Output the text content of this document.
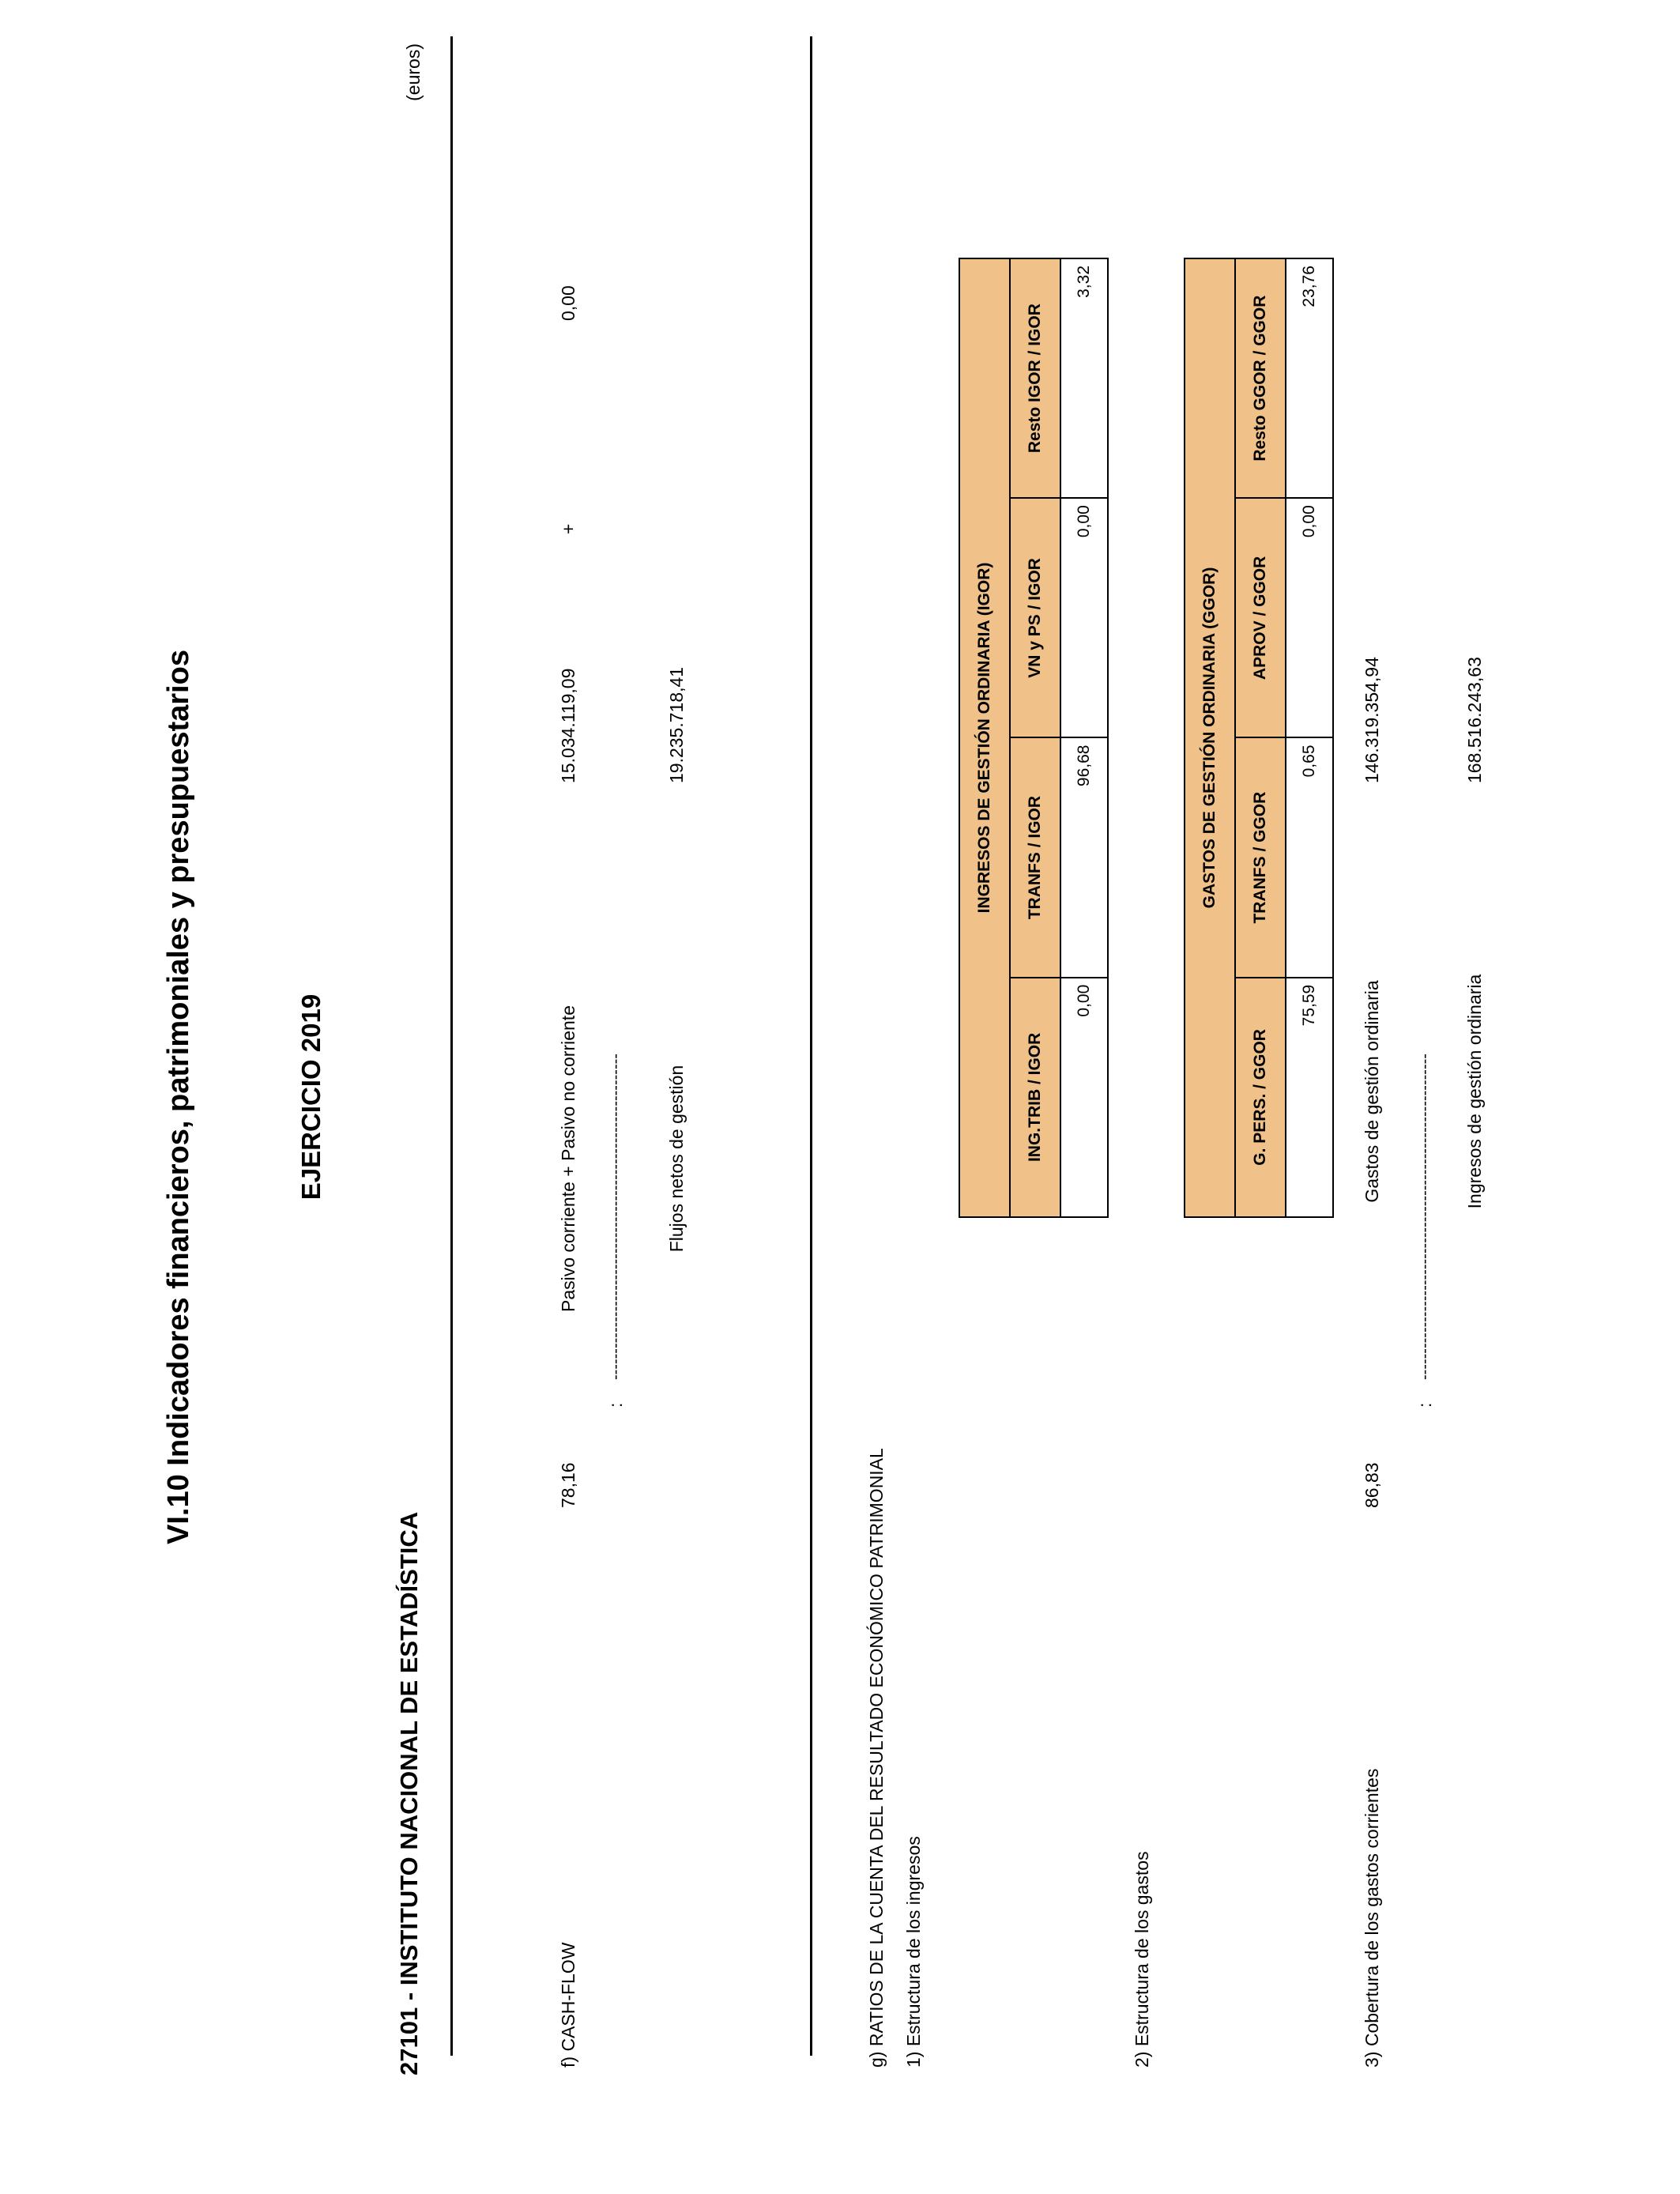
VI.10 Indicadores financieros, patrimoniales y presupuestarios	EJERCICIO 2019
27101 - INSTITUTO NACIONAL DE ESTADÍSTICA
(euros)
f) CASH-FLOW
78,16
:
Pasivo corriente + Pasivo no corriente -------------------------------------------------------------- Flujos netos de gestión
15.034.119,09
+
0,00
19.235.718,41
g) RATIOS DE LA CUENTA DEL RESULTADO ECONÓMICO PATRIMONIAL 1) Estructura de los ingresos
INGRESOS DE GESTIÓN ORDINARIA (IGOR)			
ING.TRIB / IGOR	TRANFS / IGOR	VN y PS / IGOR	Resto IGOR / IGOR
0,00	96,68	0,00	3,32
2) Estructura de los gastos
GASTOS DE GESTIÓN ORDINARIA (GGOR)			
G. PERS. / GGOR	TRANFS / GGOR	APROV / GGOR	Resto GGOR / GGOR
75,59	0,65	0,00	23,76
3) Cobertura de los gastos corrientes
86,83
:
Gastos de gestión ordinaria -------------------------------------------------------------- Ingresos de gestión ordinaria
146.319.354,94	168.516.243,63
